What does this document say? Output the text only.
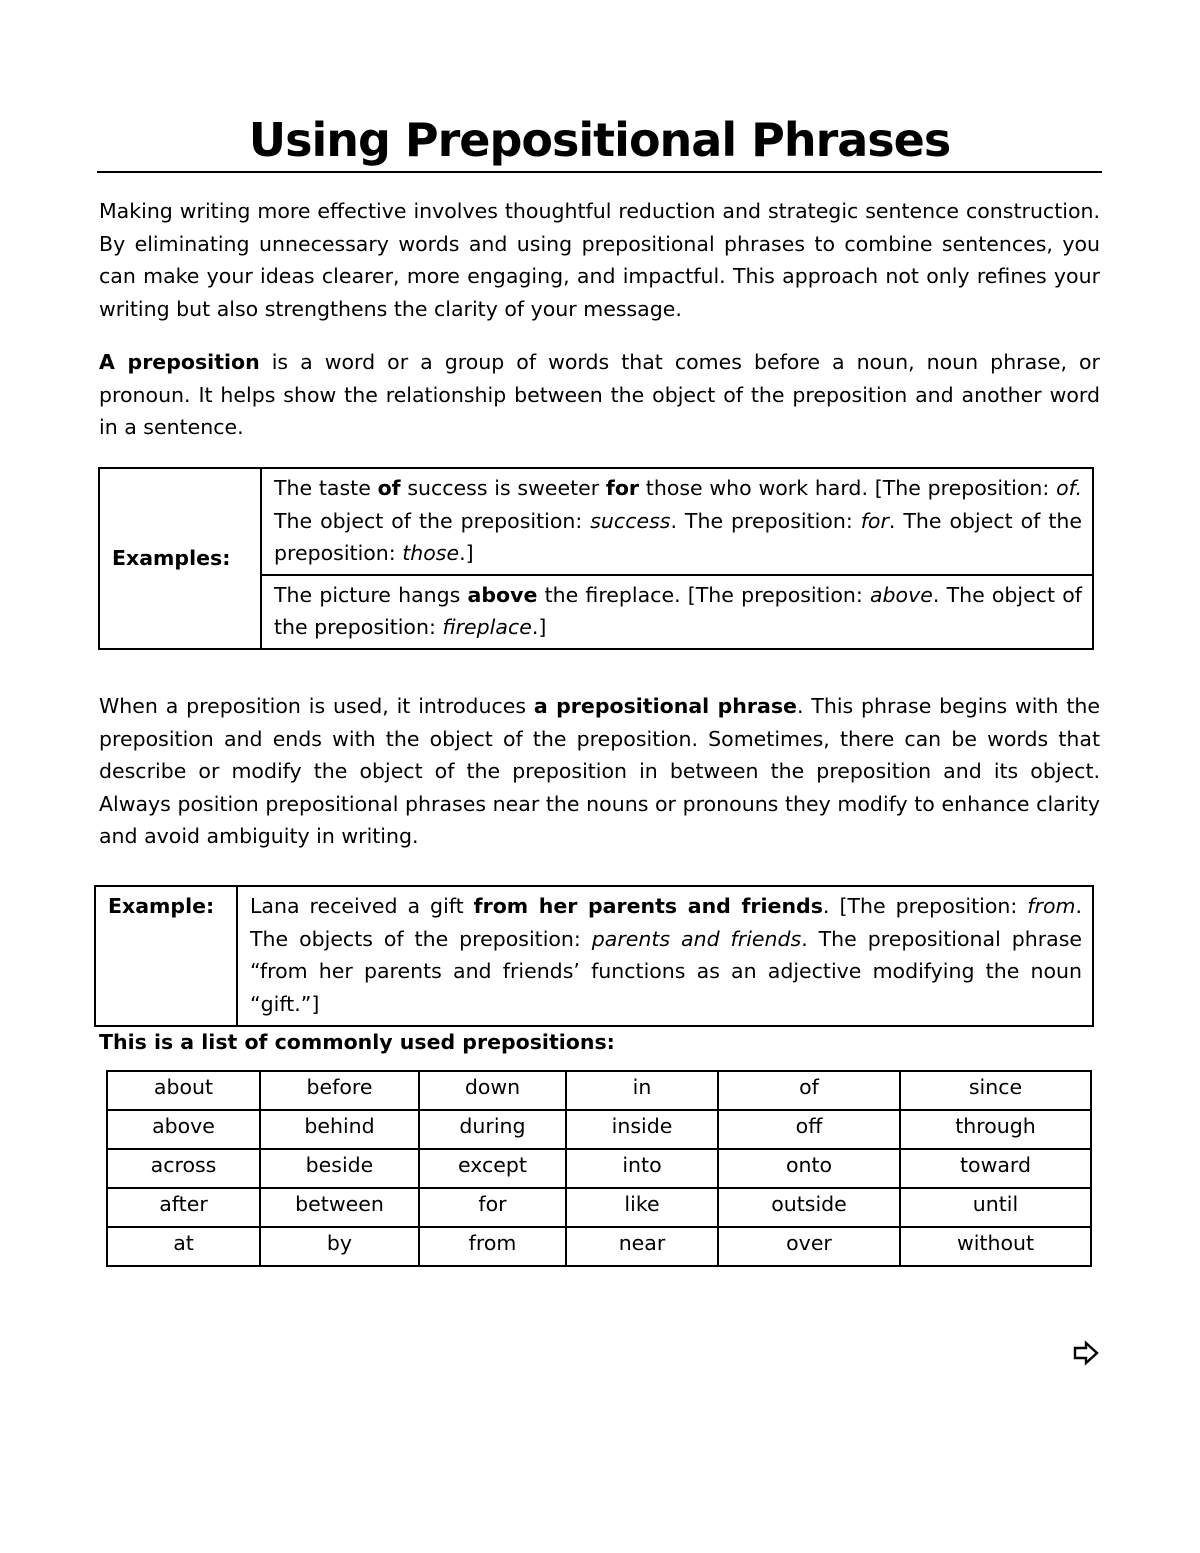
Using Prepositional Phrases

Making writing more effective involves thoughtful reduction and strategic sentence construction. By eliminating unnecessary words and using prepositional phrases to combine sentences, you can make your ideas clearer, more engaging, and impactful. This approach not only refines your writing but also strengthens the clarity of your message.

A preposition is a word or a group of words that comes before a noun, noun phrase, or pronoun. It helps show the relationship between the object of the preposition and another word in a sentence.

Examples:	The taste of success is sweeter for those who work hard. [The preposition: of. The object of the preposition: success. The preposition: for. The object of the preposition: those.]
The picture hangs above the fireplace. [The preposition: above. The object of the preposition: fireplace.]

When a preposition is used, it introduces a prepositional phrase. This phrase begins with the preposition and ends with the object of the preposition. Sometimes, there can be words that describe or modify the object of the preposition in between the preposition and its object. Always position prepositional phrases near the nouns or pronouns they modify to enhance clarity and avoid ambiguity in writing.

Example:	Lana received a gift from her parents and friends. [The preposition: from. The objects of the preposition: parents and friends. The prepositional phrase “from her parents and friends’ functions as an adjective modifying the noun “gift.”]

This is a list of commonly used prepositions:

about	before	down	in	of	since
above	behind	during	inside	off	through
across	beside	except	into	onto	toward
after	between	for	like	outside	until
at	by	from	near	over	without
